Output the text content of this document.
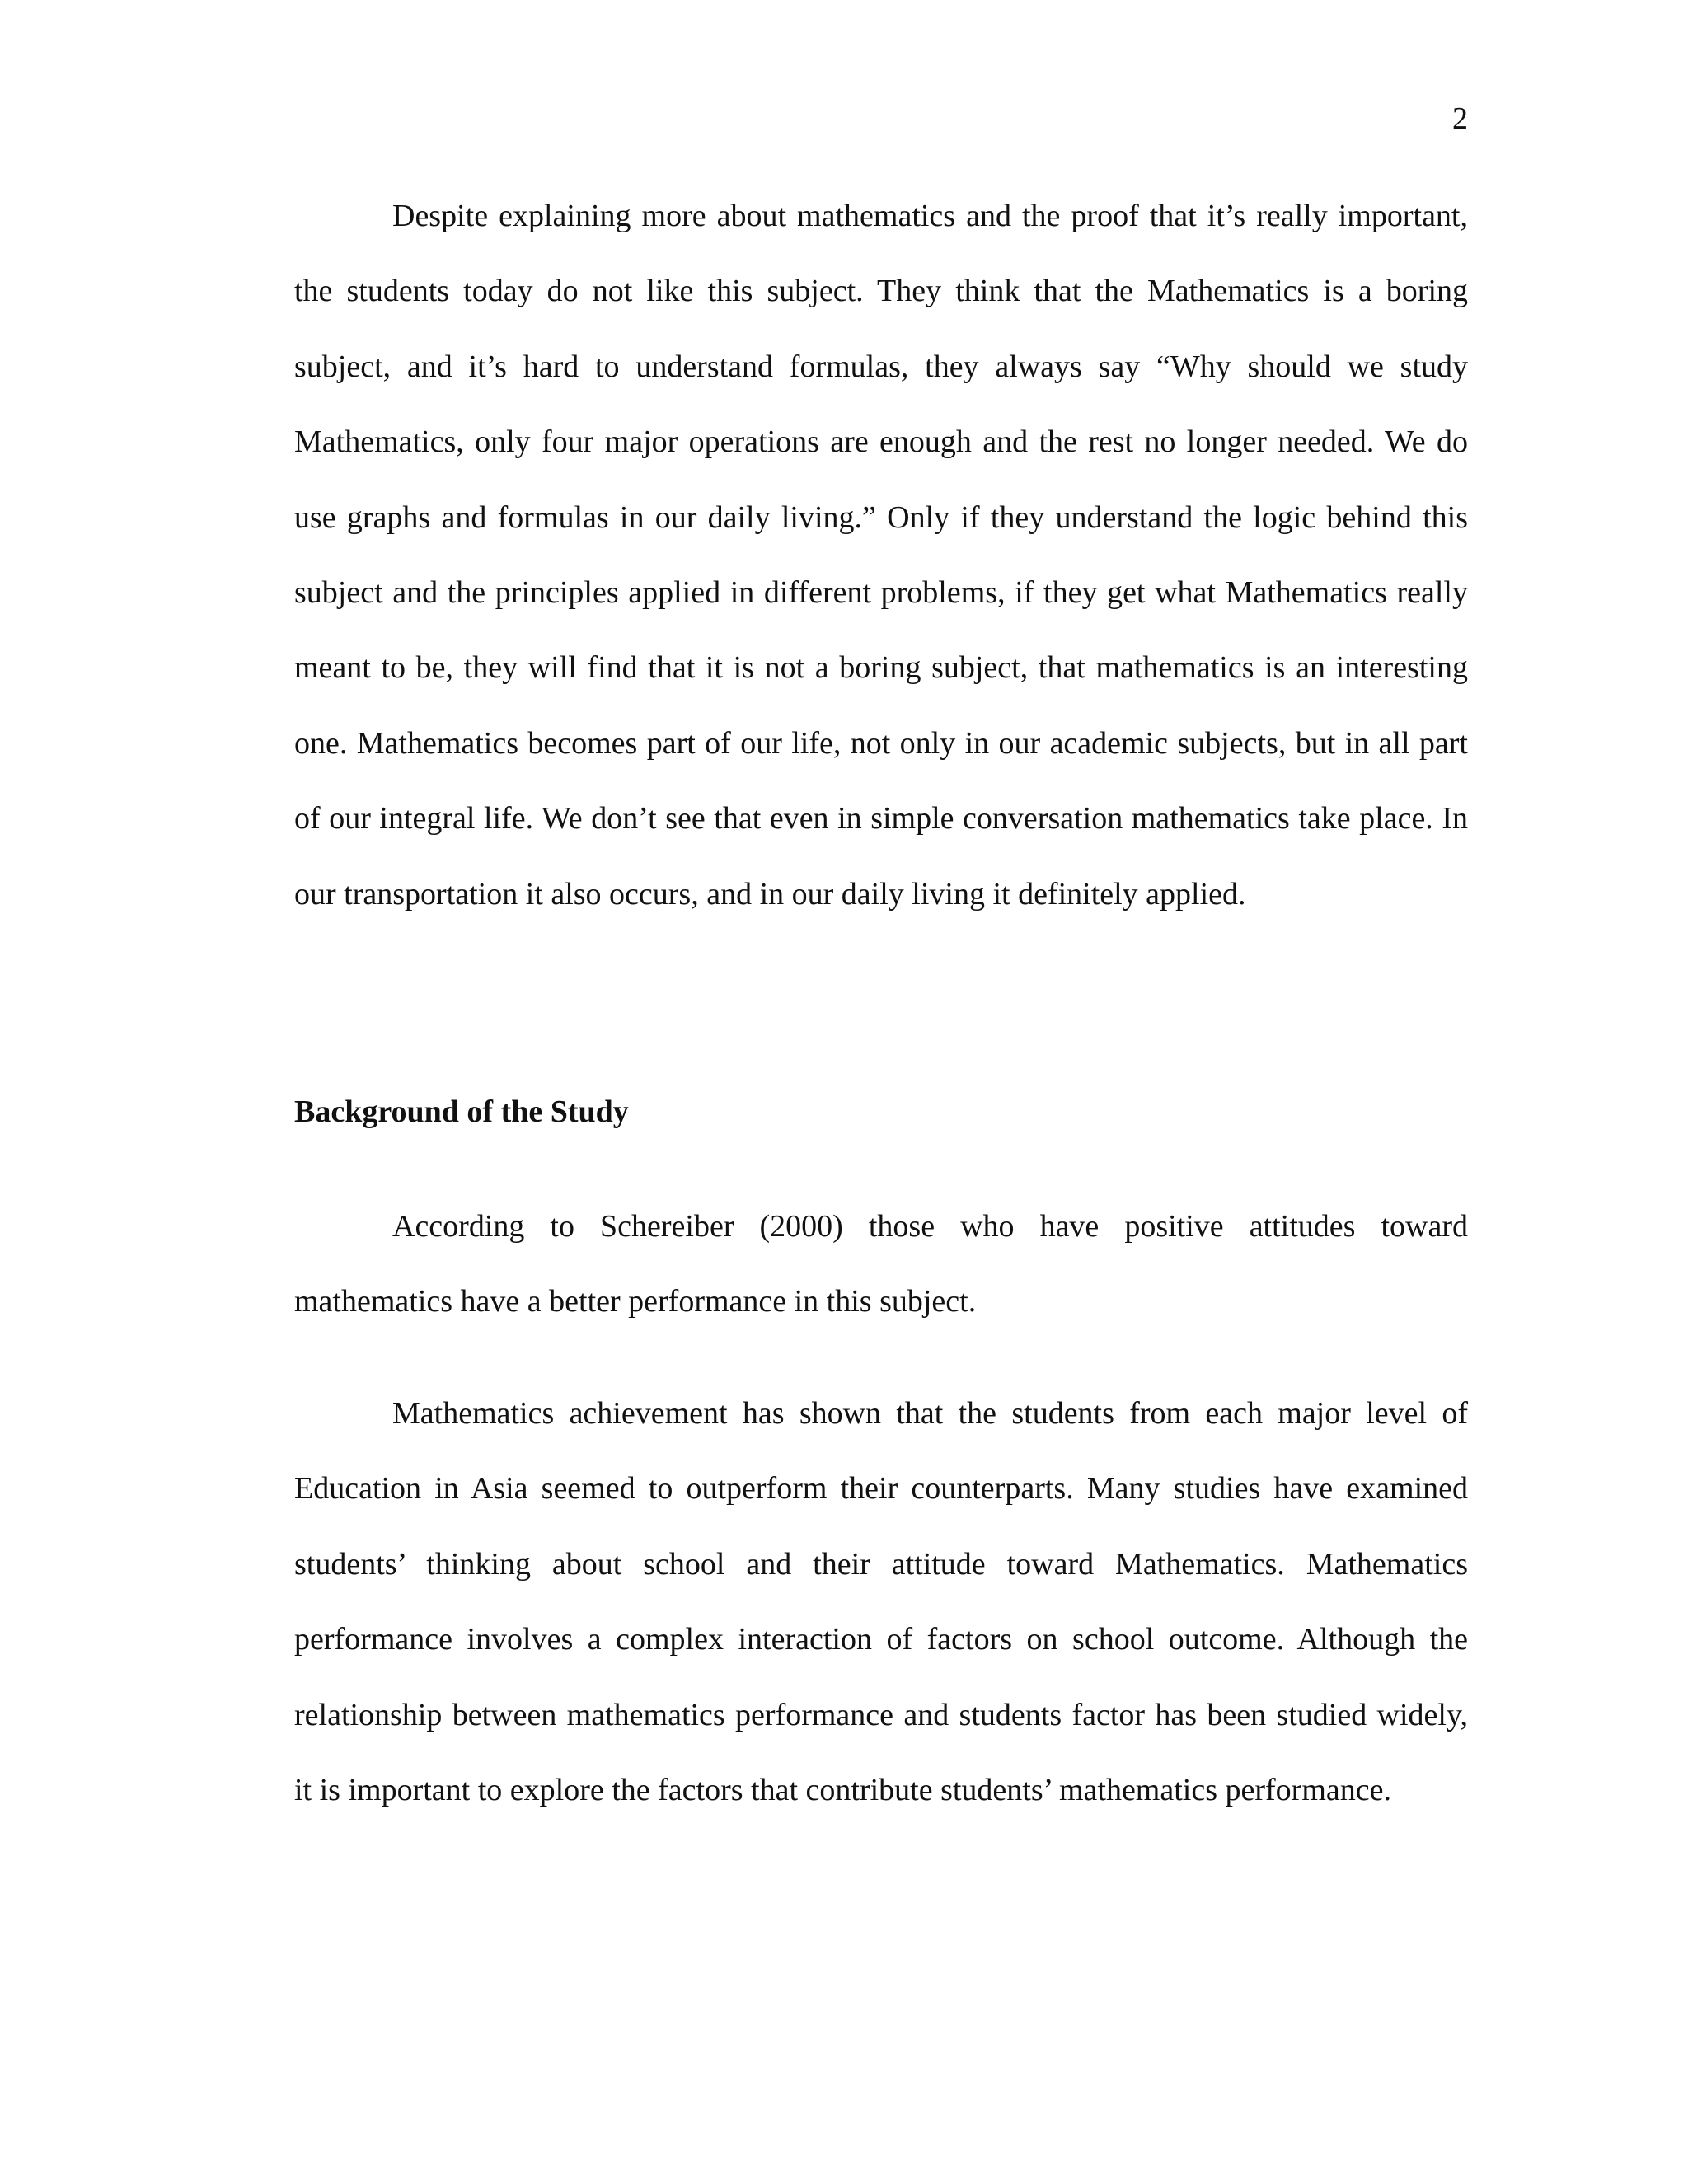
2

Despite explaining more about mathematics and the proof that it’s really important, the students today do not like this subject. They think that the Mathematics is a boring subject, and it’s hard to understand formulas, they always say “Why should we study Mathematics, only four major operations are enough and the rest no longer needed. We do use graphs and formulas in our daily living.” Only if they understand the logic behind this subject and the principles applied in different problems, if they get what Mathematics really meant to be, they will find that it is not a boring subject, that mathematics is an interesting one. Mathematics becomes part of our life, not only in our academic subjects, but in all part of our integral life. We don’t see that even in simple conversation mathematics take place. In our transportation it also occurs, and in our daily living it definitely applied.

Background of the Study

According to Schereiber (2000) those who have positive attitudes toward mathematics have a better performance in this subject.

Mathematics achievement has shown that the students from each major level of Education in Asia seemed to outperform their counterparts. Many studies have examined students’ thinking about school and their attitude toward Mathematics. Mathematics performance involves a complex interaction of factors on school outcome. Although the relationship between mathematics performance and students factor has been studied widely, it is important to explore the factors that contribute students’ mathematics performance.
